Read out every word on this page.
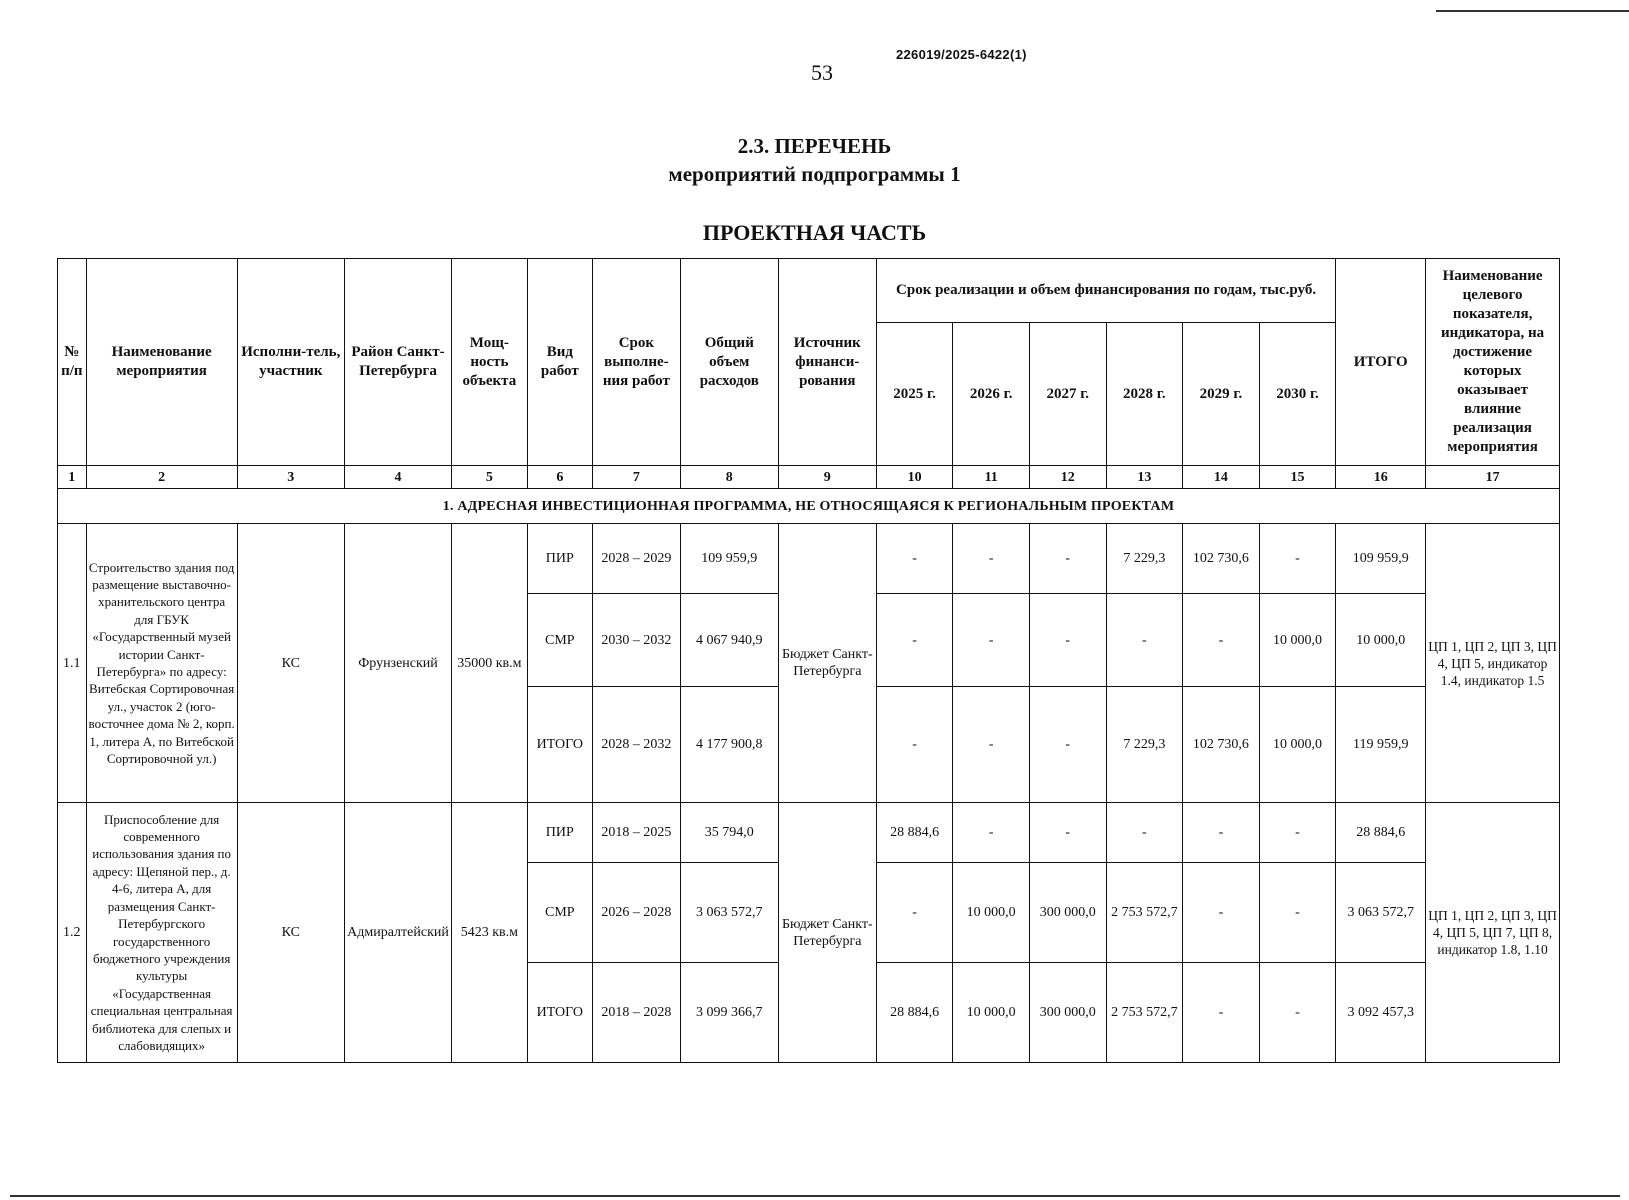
53
226019/2025-6422(1)
2.3. ПЕРЕЧЕНЬ
мероприятий подпрограммы 1
ПРОЕКТНАЯ ЧАСТЬ
№ п/п	Наименование мероприятия	Исполни-тель, участник	Район Санкт-Петербурга	Мощ-ность объекта	Вид работ	Срок выполне-ния работ	Общий объем расходов	Источник финанси-рования	Срок реализации и объем финансирования по годам, тыс.руб.						ИТОГО	Наименование целевого показателя, индикатора, на достижение которых оказывает влияние реализация мероприятия
									2025 г.	2026 г.	2027 г.	2028 г.	2029 г.	2030 г.		
1	2	3	4	5	6	7	8	9	10	11	12	13	14	15	16	17
1. АДРЕСНАЯ ИНВЕСТИЦИОННАЯ ПРОГРАММА, НЕ ОТНОСЯЩАЯСЯ К РЕГИОНАЛЬНЫМ ПРОЕКТАМ																
1.1	Строительство здания под размещение выставочно-хранительского центра для ГБУК «Государственный музей истории Санкт-Петербурга» по адресу: Витебская Сортировочная ул., участок 2 (юго-восточнее дома № 2, корп. 1, литера А, по Витебской Сортировочной ул.)	КС	Фрунзенский	35000 кв.м	ПИР	2028 – 2029	109 959,9	Бюджет Санкт-Петербурга	-	-	-	7 229,3	102 730,6	-	109 959,9	ЦП 1, ЦП 2, ЦП 3, ЦП 4, ЦП 5, индикатор 1.4, индикатор 1.5
					СМР	2030 – 2032	4 067 940,9		-	-	-	-	-	10 000,0	10 000,0	
					ИТОГО	2028 – 2032	4 177 900,8		-	-	-	7 229,3	102 730,6	10 000,0	119 959,9	
1.2	Приспособление для современного использования здания по адресу: Щепяной пер., д. 4-6, литера А, для размещения Санкт-Петербургского государственного бюджетного учреждения культуры «Государственная специальная центральная библиотека для слепых и слабовидящих»	КС	Адмиралтейский	5423 кв.м	ПИР	2018 – 2025	35 794,0	Бюджет Санкт-Петербурга	28 884,6	-	-	-	-	-	28 884,6	ЦП 1, ЦП 2, ЦП 3, ЦП 4, ЦП 5, ЦП 7, ЦП 8, индикатор 1.8, 1.10
					СМР	2026 – 2028	3 063 572,7		-	10 000,0	300 000,0	2 753 572,7	-	-	3 063 572,7	
					ИТОГО	2018 – 2028	3 099 366,7		28 884,6	10 000,0	300 000,0	2 753 572,7	-	-	3 092 457,3	
